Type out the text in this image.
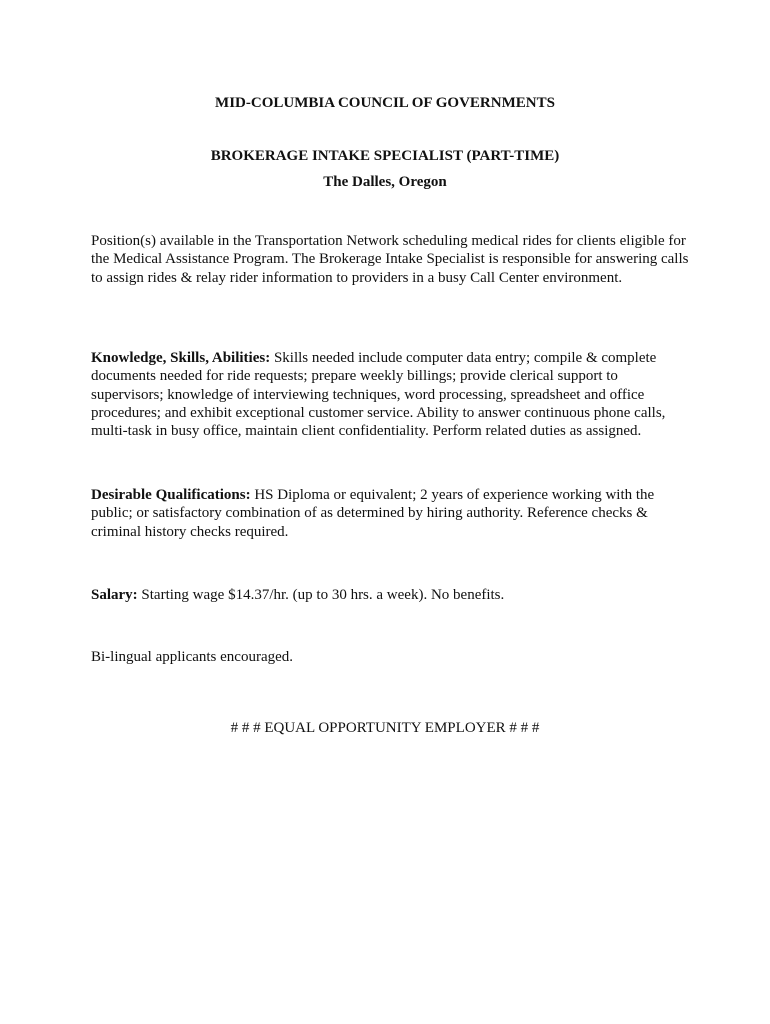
MID-COLUMBIA COUNCIL OF GOVERNMENTS
BROKERAGE INTAKE SPECIALIST (PART-TIME)
The Dalles, Oregon

Position(s) available in the Transportation Network scheduling medical rides for clients eligible for the Medical Assistance Program. The Brokerage Intake Specialist is responsible for answering calls to assign rides & relay rider information to providers in a busy Call Center environment.

Knowledge, Skills, Abilities: Skills needed include computer data entry; compile & complete documents needed for ride requests; prepare weekly billings; provide clerical support to supervisors; knowledge of interviewing techniques, word processing, spreadsheet and office procedures; and exhibit exceptional customer service. Ability to answer continuous phone calls, multi-task in busy office, maintain client confidentiality. Perform related duties as assigned.

Desirable Qualifications: HS Diploma or equivalent; 2 years of experience working with the public; or satisfactory combination of as determined by hiring authority. Reference checks & criminal history checks required.

Salary: Starting wage $14.37/hr. (up to 30 hrs. a week). No benefits.

Bi-lingual applicants encouraged.

# # # EQUAL OPPORTUNITY EMPLOYER # # #
